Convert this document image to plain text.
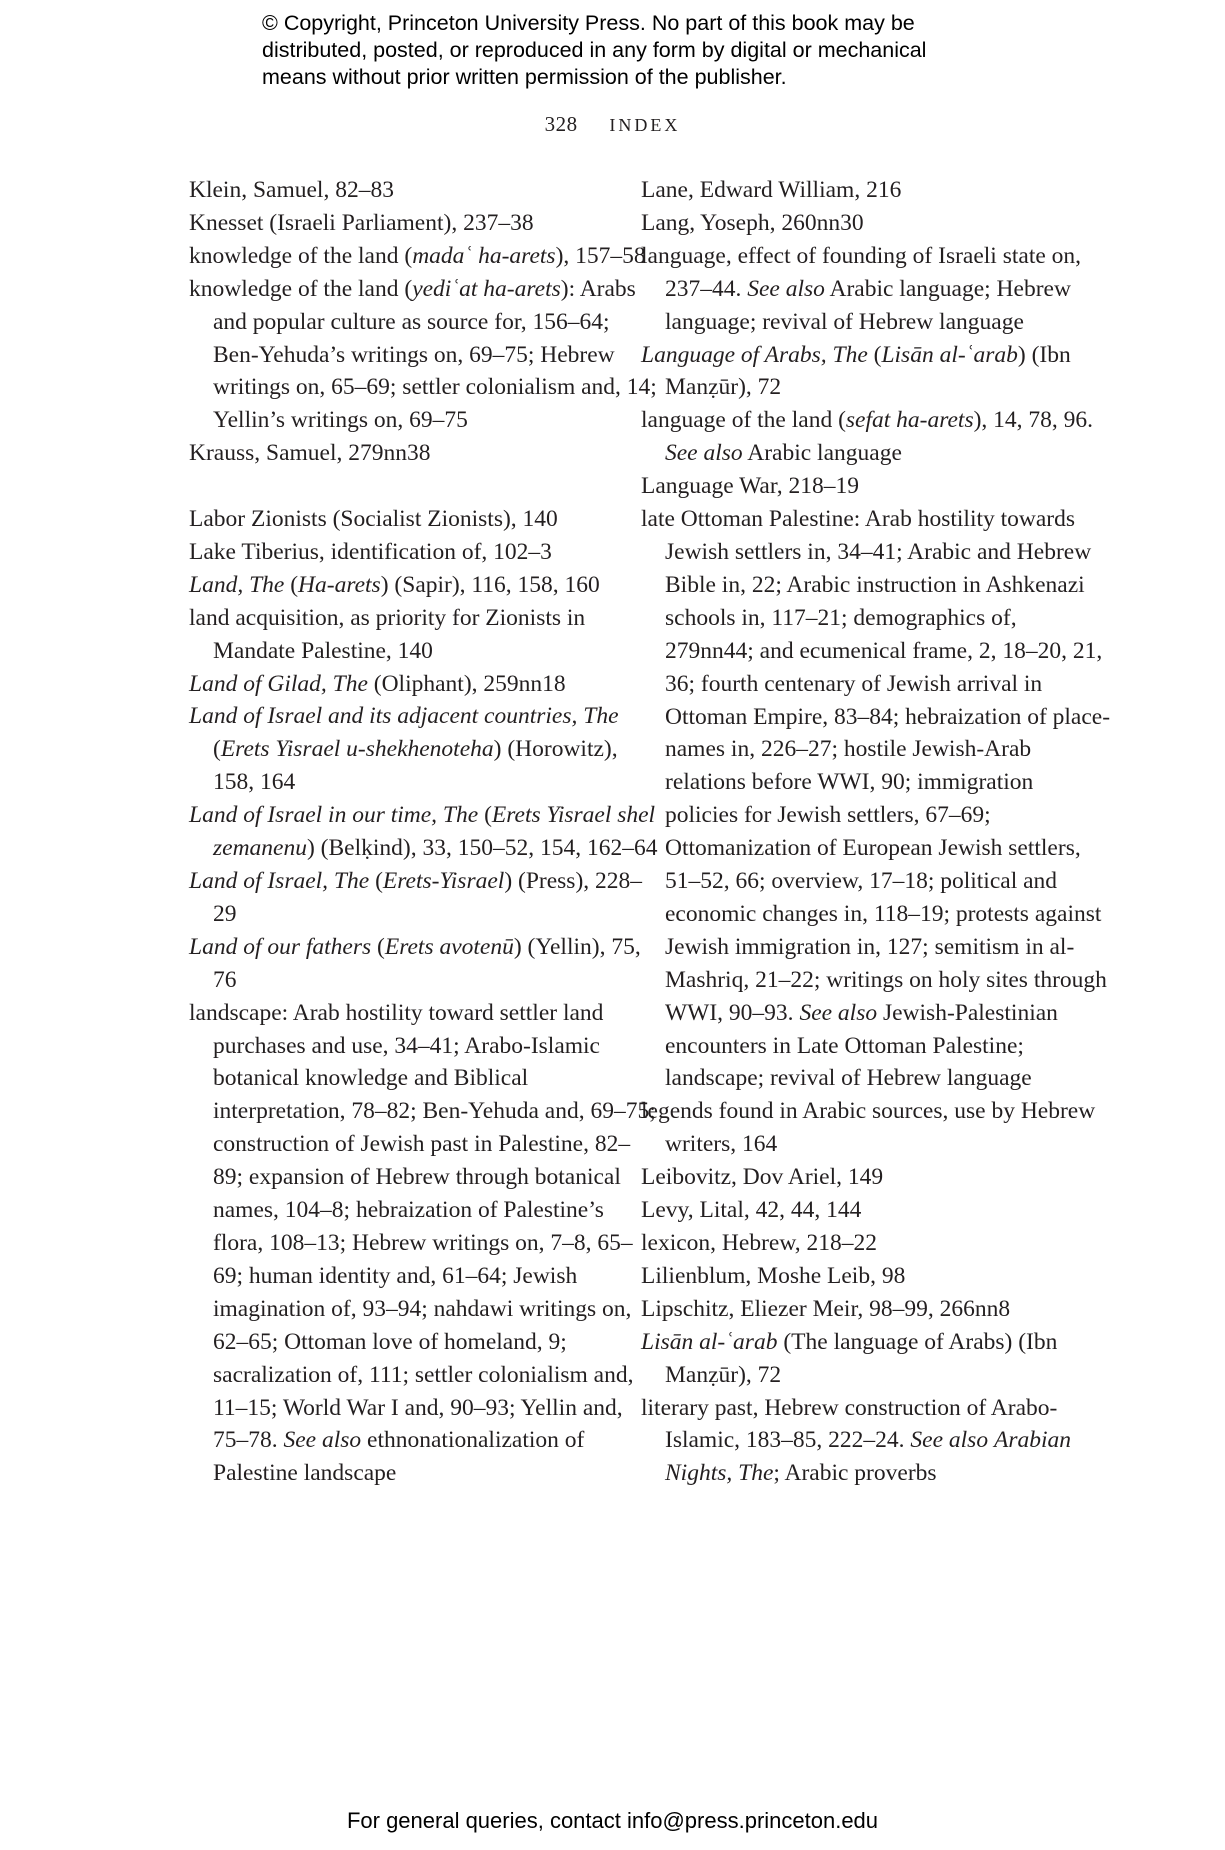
© Copyright, Princeton University Press. No part of this book may be
distributed, posted, or reproduced in any form by digital or mechanical
means without prior written permission of the publisher.
328 INDEX
Klein, Samuel, 82–83
Knesset (Israeli Parliament), 237–38
knowledge of the land (madaʿ ha-arets), 157–58
knowledge of the land (yediʿat ha-arets): Arabs and popular culture as source for, 156–64; Ben-Yehuda’s writings on, 69–75; Hebrew writings on, 65–69; settler colonialism and, 14; Yellin’s writings on, 69–75
Krauss, Samuel, 279nn38
Labor Zionists (Socialist Zionists), 140
Lake Tiberius, identification of, 102–3
Land, The (Ha-arets) (Sapir), 116, 158, 160
land acquisition, as priority for Zionists in Mandate Palestine, 140
Land of Gilad, The (Oliphant), 259nn18
Land of Israel and its adjacent countries, The (Erets Yisrael u-shekhenoteha) (Horowitz), 158, 164
Land of Israel in our time, The (Erets Yisrael shel zemanenu) (Belḳind), 33, 150–52, 154, 162–64
Land of Israel, The (Erets-Yisrael) (Press), 228–29
Land of our fathers (Erets avotenū) (Yellin), 75, 76
landscape: Arab hostility toward settler land purchases and use, 34–41; Arabo-Islamic botanical knowledge and Biblical interpretation, 78–82; Ben-Yehuda and, 69–75; construction of Jewish past in Palestine, 82–89; expansion of Hebrew through botanical names, 104–8; hebraization of Palestine’s flora, 108–13; Hebrew writings on, 7–8, 65–69; human identity and, 61–64; Jewish imagination of, 93–94; nahdawi writings on, 62–65; Ottoman love of homeland, 9; sacralization of, 111; settler colonialism and, 11–15; World War I and, 90–93; Yellin and, 75–78. See also ethnonationalization of Palestine landscape
Lane, Edward William, 216
Lang, Yoseph, 260nn30
language, effect of founding of Israeli state on, 237–44. See also Arabic language; Hebrew language; revival of Hebrew language
Language of Arabs, The (Lisān al-ʿarab) (Ibn Manẓūr), 72
language of the land (sefat ha-arets), 14, 78, 96. See also Arabic language
Language War, 218–19
late Ottoman Palestine: Arab hostility towards Jewish settlers in, 34–41; Arabic and Hebrew Bible in, 22; Arabic instruction in Ashkenazi schools in, 117–21; demographics of, 279nn44; and ecumenical frame, 2, 18–20, 21, 36; fourth centenary of Jewish arrival in Ottoman Empire, 83–84; hebraization of place-names in, 226–27; hostile Jewish-Arab relations before WWI, 90; immigration policies for Jewish settlers, 67–69; Ottomanization of European Jewish settlers, 51–52, 66; overview, 17–18; political and economic changes in, 118–19; protests against Jewish immigration in, 127; semitism in al-Mashriq, 21–22; writings on holy sites through WWI, 90–93. See also Jewish-Palestinian encounters in Late Ottoman Palestine; landscape; revival of Hebrew language
legends found in Arabic sources, use by Hebrew writers, 164
Leibovitz, Dov Ariel, 149
Levy, Lital, 42, 44, 144
lexicon, Hebrew, 218–22
Lilienblum, Moshe Leib, 98
Lipschitz, Eliezer Meir, 98–99, 266nn8
Lisān al-ʿarab (The language of Arabs) (Ibn Manẓūr), 72
literary past, Hebrew construction of Arabo-Islamic, 183–85, 222–24. See also Arabian Nights, The; Arabic proverbs
For general queries, contact info@press.princeton.edu
